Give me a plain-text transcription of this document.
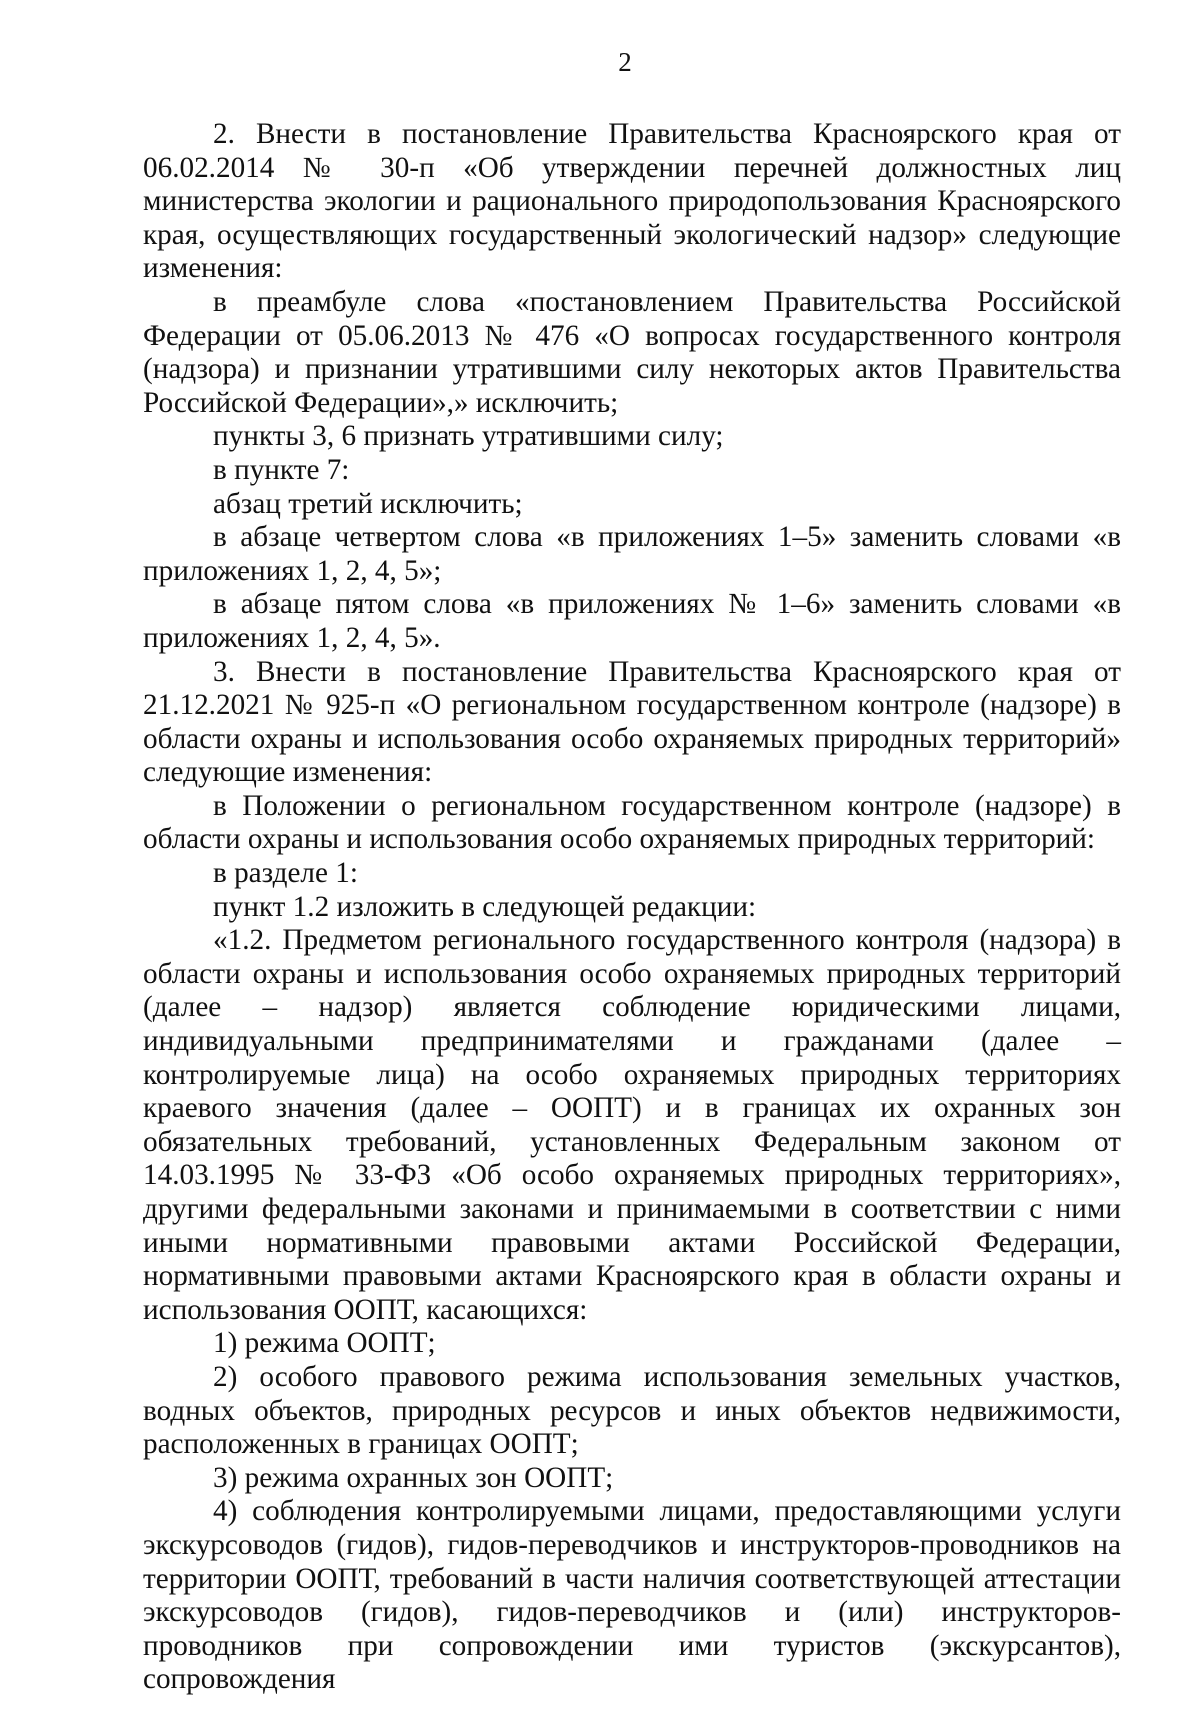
2

2. Внести в постановление Правительства Красноярского края от 06.02.2014 № 30-п «Об утверждении перечней должностных лиц министерства экологии и рационального природопользования Красноярского края, осуществляющих государственный экологический надзор» следующие изменения:

в преамбуле слова «постановлением Правительства Российской Федерации от 05.06.2013 № 476 «О вопросах государственного контроля (надзора) и признании утратившими силу некоторых актов Правительства Российской Федерации»,» исключить;

пункты 3, 6 признать утратившими силу;

в пункте 7:

абзац третий исключить;

в абзаце четвертом слова «в приложениях 1–5» заменить словами «в приложениях 1, 2, 4, 5»;

в абзаце пятом слова «в приложениях № 1–6» заменить словами «в приложениях 1, 2, 4, 5».

3. Внести в постановление Правительства Красноярского края от 21.12.2021 № 925-п «О региональном государственном контроле (надзоре) в области охраны и использования особо охраняемых природных территорий» следующие изменения:

в Положении о региональном государственном контроле (надзоре) в области охраны и использования особо охраняемых природных территорий:

в разделе 1:

пункт 1.2 изложить в следующей редакции:

«1.2. Предметом регионального государственного контроля (надзора) в области охраны и использования особо охраняемых природных территорий (далее – надзор) является соблюдение юридическими лицами, индивидуальными предпринимателями и гражданами (далее – контролируемые лица) на особо охраняемых природных территориях краевого значения (далее – ООПТ) и в границах их охранных зон обязательных требований, установленных Федеральным законом от 14.03.1995 № 33-ФЗ «Об особо охраняемых природных территориях», другими федеральными законами и принимаемыми в соответствии с ними иными нормативными правовыми актами Российской Федерации, нормативными правовыми актами Красноярского края в области охраны и использования ООПТ, касающихся:

1) режима ООПТ;

2) особого правового режима использования земельных участков, водных объектов, природных ресурсов и иных объектов недвижимости, расположенных в границах ООПТ;

3) режима охранных зон ООПТ;

4) соблюдения контролируемыми лицами, предоставляющими услуги экскурсоводов (гидов), гидов-переводчиков и инструкторов-проводников на территории ООПТ, требований в части наличия соответствующей аттестации экскурсоводов (гидов), гидов-переводчиков и (или) инструкторов-проводников при сопровождении ими туристов (экскурсантов), сопровождения
